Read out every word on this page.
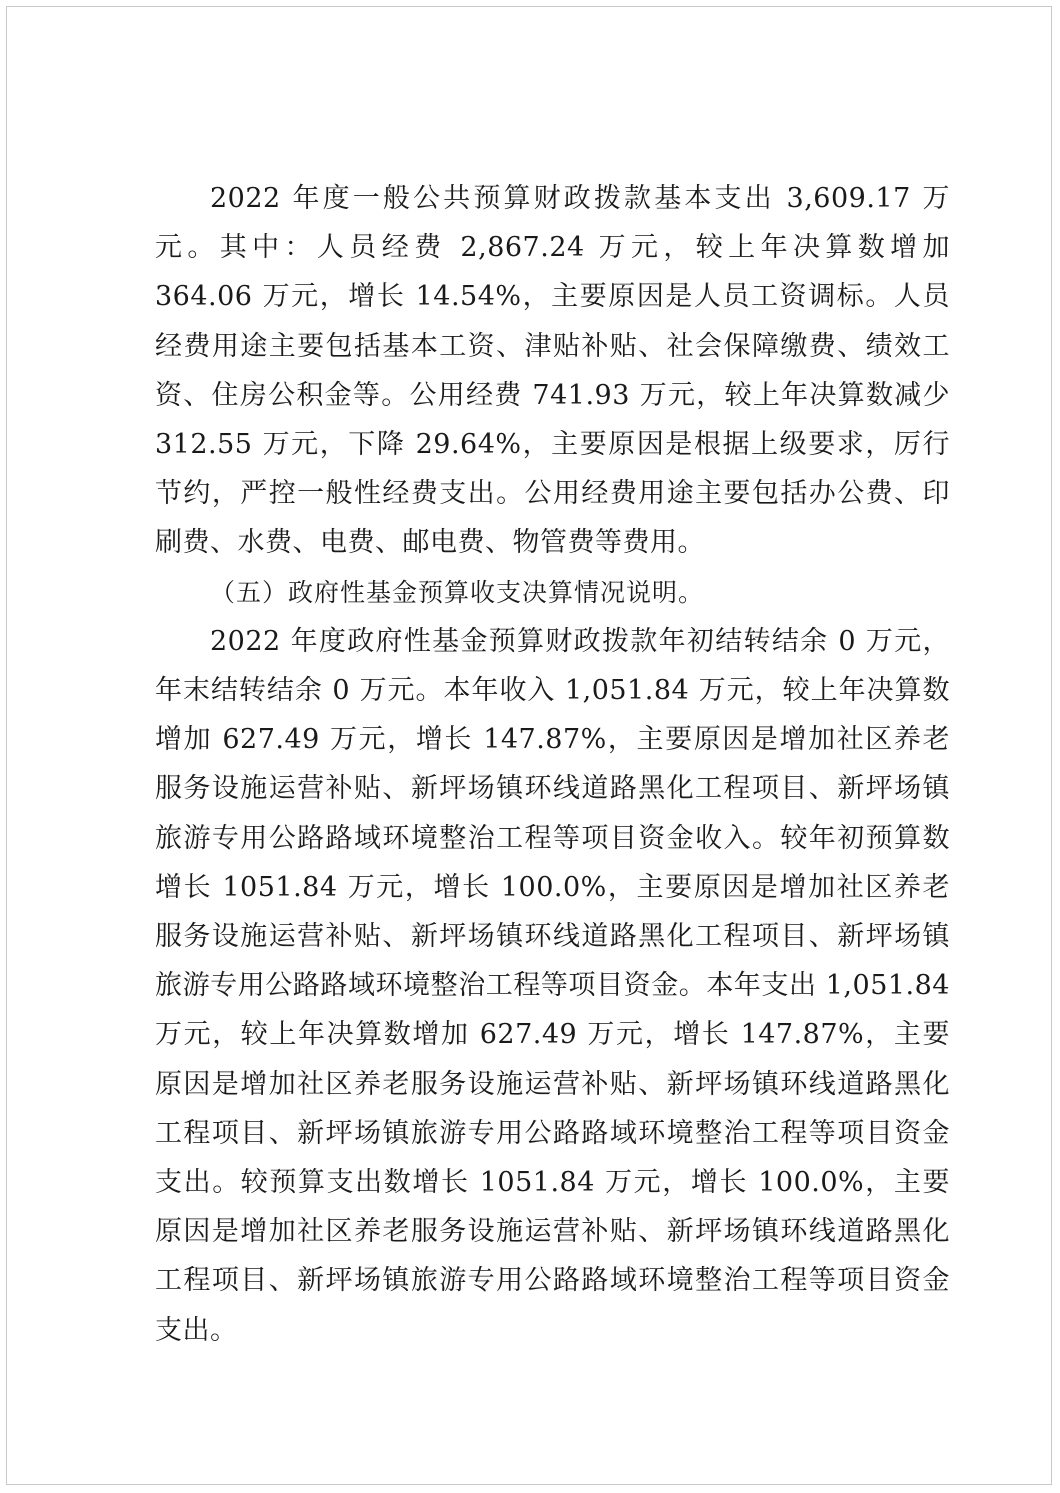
2022 年度一般公共预算财政拨款基本支出 3,609.17 万元。其中：人员经费 2,867.24 万元，较上年决算数增加 364.06 万元，增长 14.54%，主要原因是人员工资调标。人员经费用途主要包括基本工资、津贴补贴、社会保障缴费、绩效工资、住房公积金等。公用经费 741.93 万元，较上年决算数减少 312.55 万元，下降 29.64%，主要原因是根据上级要求，厉行节约，严控一般性经费支出。公用经费用途主要包括办公费、印刷费、水费、电费、邮电费、物管费等费用。

（五）政府性基金预算收支决算情况说明。

2022 年度政府性基金预算财政拨款年初结转结余 0 万元，年末结转结余 0 万元。本年收入 1,051.84 万元，较上年决算数增加 627.49 万元，增长 147.87%，主要原因是增加社区养老服务设施运营补贴、新坪场镇环线道路黑化工程项目、新坪场镇旅游专用公路路域环境整治工程等项目资金收入。较年初预算数增长 1051.84 万元，增长 100.0%，主要原因是增加社区养老服务设施运营补贴、新坪场镇环线道路黑化工程项目、新坪场镇旅游专用公路路域环境整治工程等项目资金。本年支出 1,051.84 万元，较上年决算数增加 627.49 万元，增长 147.87%，主要原因是增加社区养老服务设施运营补贴、新坪场镇环线道路黑化工程项目、新坪场镇旅游专用公路路域环境整治工程等项目资金支出。较预算支出数增长 1051.84 万元，增长 100.0%，主要原因是增加社区养老服务设施运营补贴、新坪场镇环线道路黑化工程项目、新坪场镇旅游专用公路路域环境整治工程等项目资金支出。
